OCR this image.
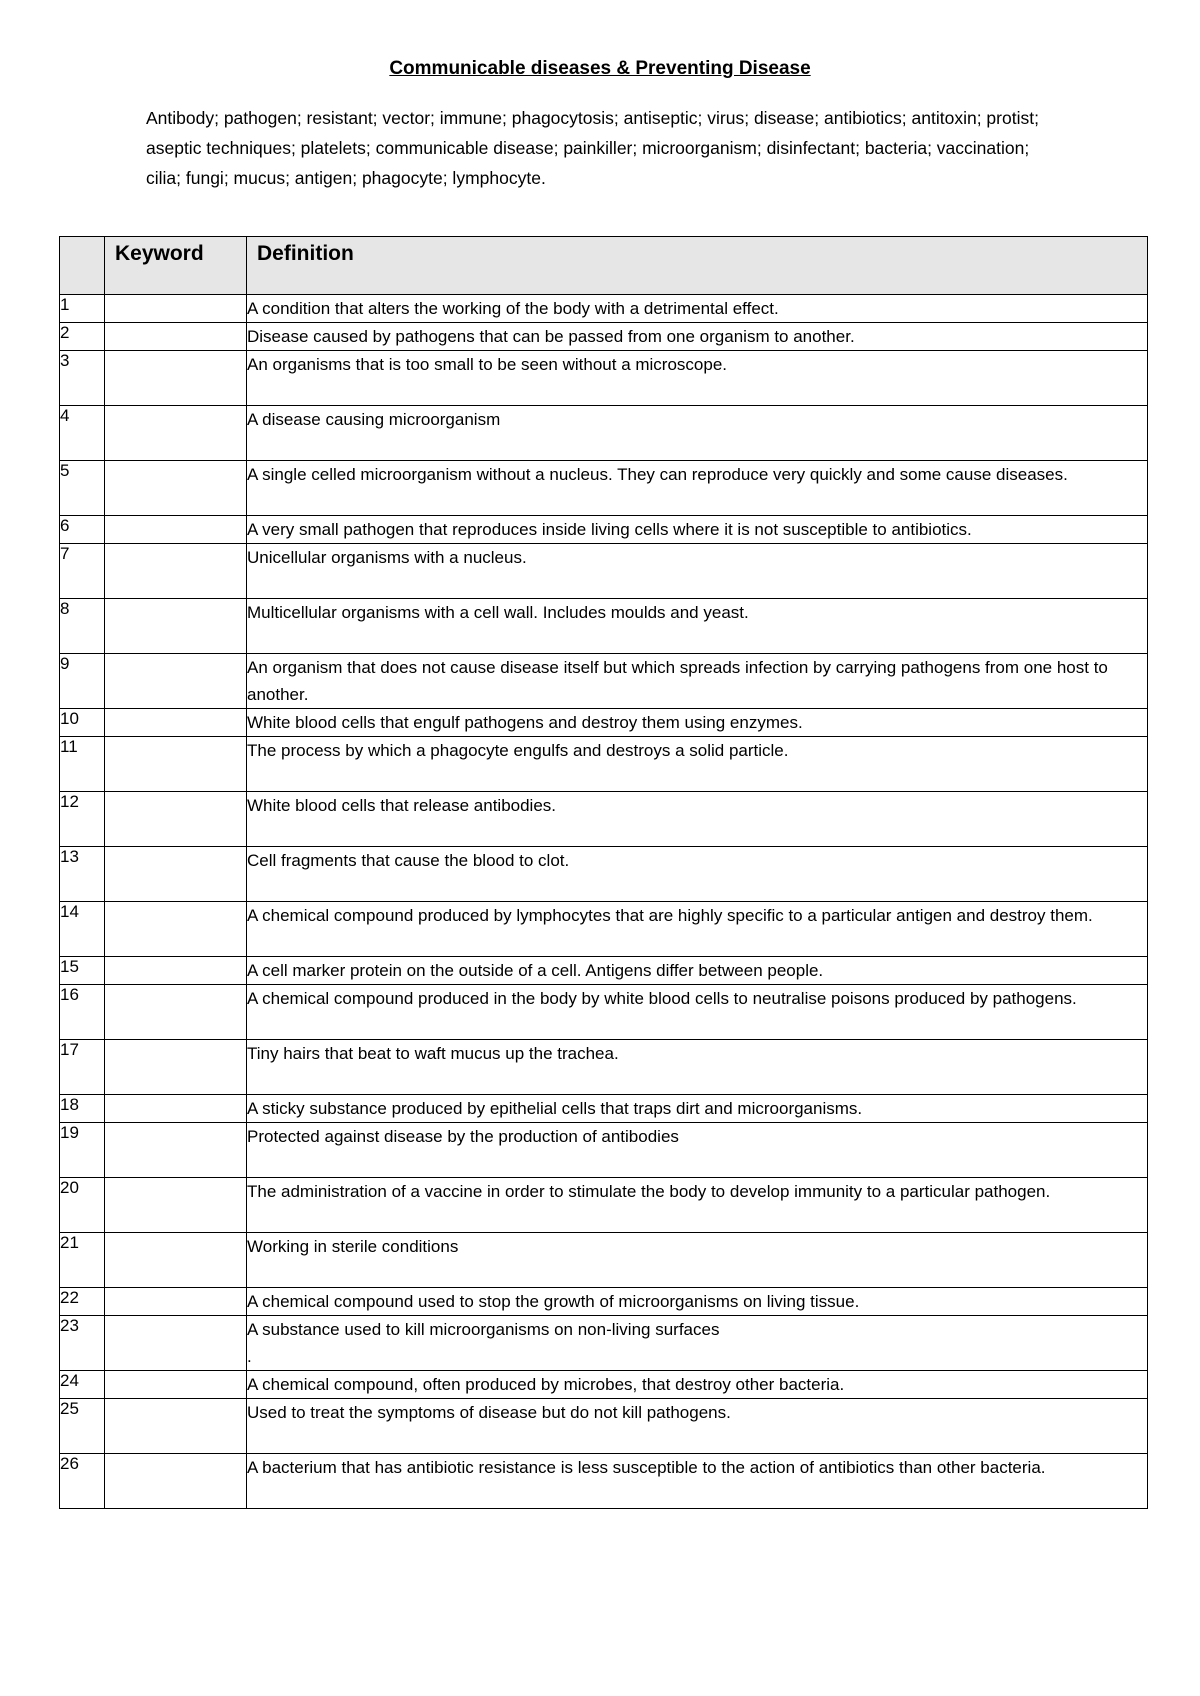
Communicable diseases & Preventing Disease
Antibody; pathogen; resistant; vector; immune; phagocytosis; antiseptic; virus; disease; antibiotics; antitoxin; protist; aseptic techniques; platelets; communicable disease; painkiller; microorganism; disinfectant; bacteria; vaccination; cilia; fungi; mucus; antigen; phagocyte; lymphocyte.
	Keyword	Definition
1		A condition that alters the working of the body with a detrimental effect.
2		Disease caused by pathogens that can be passed from one organism to another.
3		An organisms that is too small to be seen without a microscope.
4		A disease causing microorganism
5		A single celled microorganism without a nucleus. They can reproduce very quickly and some cause diseases.
6		A very small pathogen that reproduces inside living cells where it is not susceptible to antibiotics.
7		Unicellular organisms with a nucleus.
8		Multicellular organisms with a cell wall. Includes moulds and yeast.
9		An organism that does not cause disease itself but which spreads infection by carrying pathogens from one host to another.
10		White blood cells that engulf pathogens and destroy them using enzymes.
11		The process by which a phagocyte engulfs and destroys a solid particle.
12		White blood cells that release antibodies.
13		Cell fragments that cause the blood to clot.
14		A chemical compound produced by lymphocytes that are highly specific to a particular antigen and destroy them.
15		A cell marker protein on the outside of a cell. Antigens differ between people.
16		A chemical compound produced in the body by white blood cells to neutralise poisons produced by pathogens.
17		Tiny hairs that beat to waft mucus up the trachea.
18		A sticky substance produced by epithelial cells that traps dirt and microorganisms.
19		Protected against disease by the production of antibodies
20		The administration of a vaccine in order to stimulate the body to develop immunity to a particular pathogen.
21		Working in sterile conditions
22		A chemical compound used to stop the growth of microorganisms on living tissue.
23		A substance used to kill microorganisms on non-living surfaces
.
24		A chemical compound, often produced by microbes, that destroy other bacteria.
25		Used to treat the symptoms of disease but do not kill pathogens.
26		A bacterium that has antibiotic resistance is less susceptible to the action of antibiotics than other bacteria.
